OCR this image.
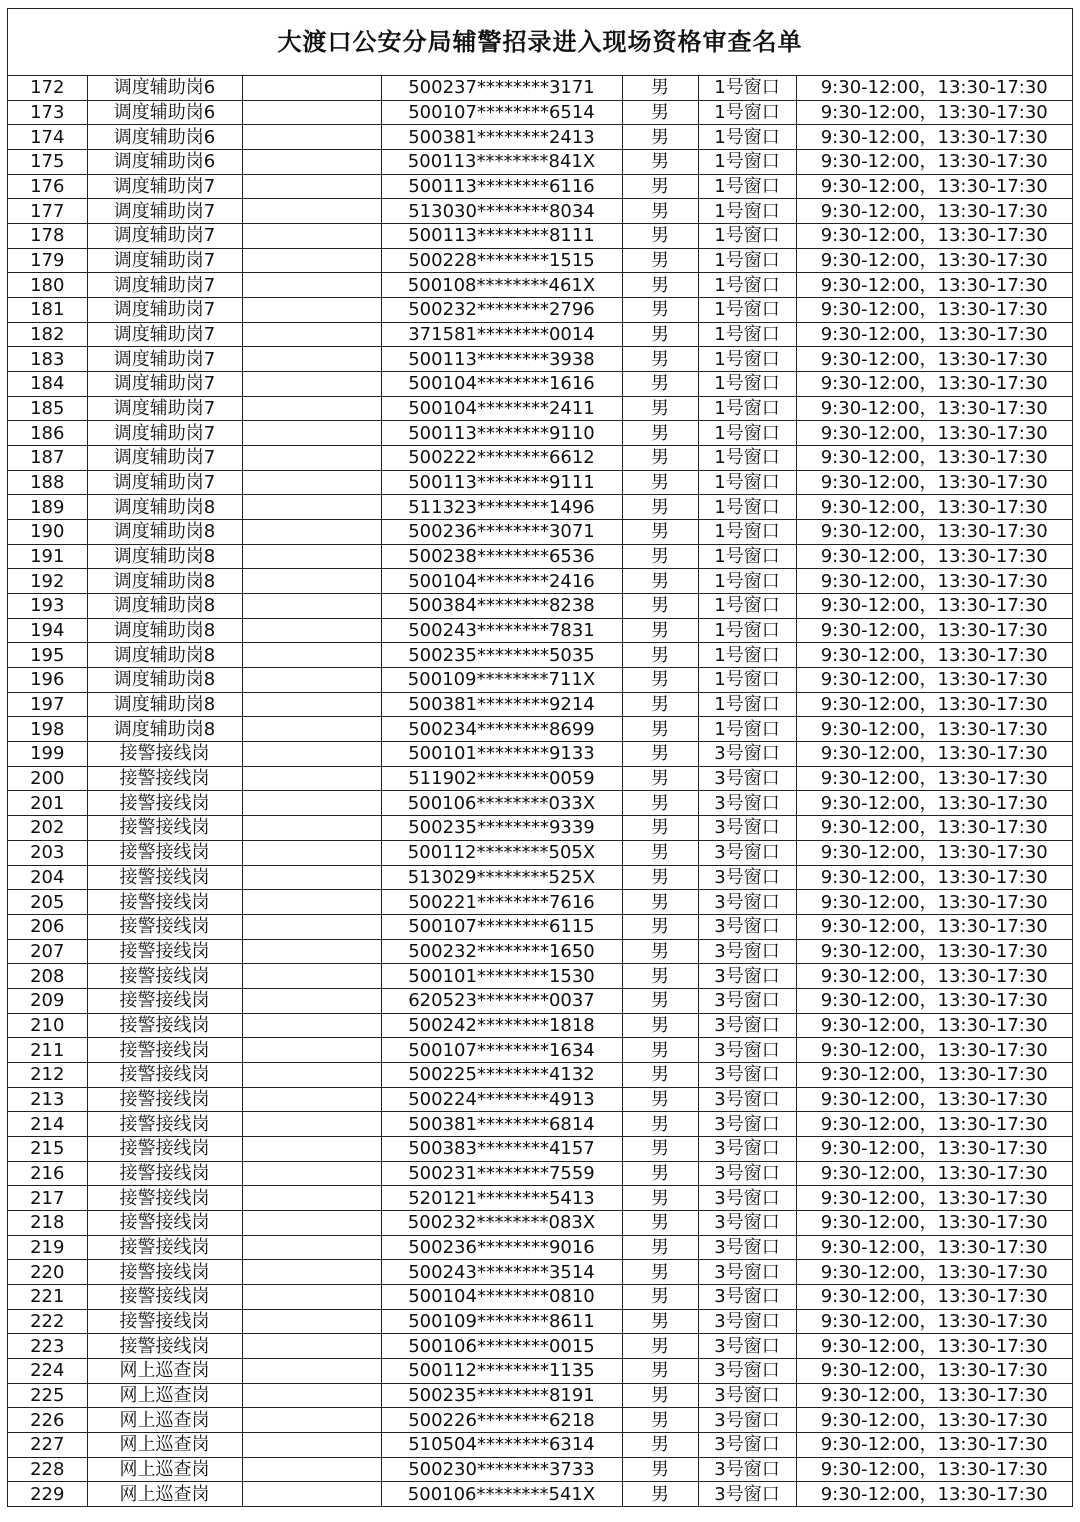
大渡口公安分局辅警招录进入现场资格审查名单
172	调度辅助岗6		500237********3171	男	1号窗口	9:30-12:00，13:30-17:30
173	调度辅助岗6		500107********6514	男	1号窗口	9:30-12:00，13:30-17:30
174	调度辅助岗6		500381********2413	男	1号窗口	9:30-12:00，13:30-17:30
175	调度辅助岗6		500113********841X	男	1号窗口	9:30-12:00，13:30-17:30
176	调度辅助岗7		500113********6116	男	1号窗口	9:30-12:00，13:30-17:30
177	调度辅助岗7		513030********8034	男	1号窗口	9:30-12:00，13:30-17:30
178	调度辅助岗7		500113********8111	男	1号窗口	9:30-12:00，13:30-17:30
179	调度辅助岗7		500228********1515	男	1号窗口	9:30-12:00，13:30-17:30
180	调度辅助岗7		500108********461X	男	1号窗口	9:30-12:00，13:30-17:30
181	调度辅助岗7		500232********2796	男	1号窗口	9:30-12:00，13:30-17:30
182	调度辅助岗7		371581********0014	男	1号窗口	9:30-12:00，13:30-17:30
183	调度辅助岗7		500113********3938	男	1号窗口	9:30-12:00，13:30-17:30
184	调度辅助岗7		500104********1616	男	1号窗口	9:30-12:00，13:30-17:30
185	调度辅助岗7		500104********2411	男	1号窗口	9:30-12:00，13:30-17:30
186	调度辅助岗7		500113********9110	男	1号窗口	9:30-12:00，13:30-17:30
187	调度辅助岗7		500222********6612	男	1号窗口	9:30-12:00，13:30-17:30
188	调度辅助岗7		500113********9111	男	1号窗口	9:30-12:00，13:30-17:30
189	调度辅助岗8		511323********1496	男	1号窗口	9:30-12:00，13:30-17:30
190	调度辅助岗8		500236********3071	男	1号窗口	9:30-12:00，13:30-17:30
191	调度辅助岗8		500238********6536	男	1号窗口	9:30-12:00，13:30-17:30
192	调度辅助岗8		500104********2416	男	1号窗口	9:30-12:00，13:30-17:30
193	调度辅助岗8		500384********8238	男	1号窗口	9:30-12:00，13:30-17:30
194	调度辅助岗8		500243********7831	男	1号窗口	9:30-12:00，13:30-17:30
195	调度辅助岗8		500235********5035	男	1号窗口	9:30-12:00，13:30-17:30
196	调度辅助岗8		500109********711X	男	1号窗口	9:30-12:00，13:30-17:30
197	调度辅助岗8		500381********9214	男	1号窗口	9:30-12:00，13:30-17:30
198	调度辅助岗8		500234********8699	男	1号窗口	9:30-12:00，13:30-17:30
199	接警接线岗		500101********9133	男	3号窗口	9:30-12:00，13:30-17:30
200	接警接线岗		511902********0059	男	3号窗口	9:30-12:00，13:30-17:30
201	接警接线岗		500106********033X	男	3号窗口	9:30-12:00，13:30-17:30
202	接警接线岗		500235********9339	男	3号窗口	9:30-12:00，13:30-17:30
203	接警接线岗		500112********505X	男	3号窗口	9:30-12:00，13:30-17:30
204	接警接线岗		513029********525X	男	3号窗口	9:30-12:00，13:30-17:30
205	接警接线岗		500221********7616	男	3号窗口	9:30-12:00，13:30-17:30
206	接警接线岗		500107********6115	男	3号窗口	9:30-12:00，13:30-17:30
207	接警接线岗		500232********1650	男	3号窗口	9:30-12:00，13:30-17:30
208	接警接线岗		500101********1530	男	3号窗口	9:30-12:00，13:30-17:30
209	接警接线岗		620523********0037	男	3号窗口	9:30-12:00，13:30-17:30
210	接警接线岗		500242********1818	男	3号窗口	9:30-12:00，13:30-17:30
211	接警接线岗		500107********1634	男	3号窗口	9:30-12:00，13:30-17:30
212	接警接线岗		500225********4132	男	3号窗口	9:30-12:00，13:30-17:30
213	接警接线岗		500224********4913	男	3号窗口	9:30-12:00，13:30-17:30
214	接警接线岗		500381********6814	男	3号窗口	9:30-12:00，13:30-17:30
215	接警接线岗		500383********4157	男	3号窗口	9:30-12:00，13:30-17:30
216	接警接线岗		500231********7559	男	3号窗口	9:30-12:00，13:30-17:30
217	接警接线岗		520121********5413	男	3号窗口	9:30-12:00，13:30-17:30
218	接警接线岗		500232********083X	男	3号窗口	9:30-12:00，13:30-17:30
219	接警接线岗		500236********9016	男	3号窗口	9:30-12:00，13:30-17:30
220	接警接线岗		500243********3514	男	3号窗口	9:30-12:00，13:30-17:30
221	接警接线岗		500104********0810	男	3号窗口	9:30-12:00，13:30-17:30
222	接警接线岗		500109********8611	男	3号窗口	9:30-12:00，13:30-17:30
223	接警接线岗		500106********0015	男	3号窗口	9:30-12:00，13:30-17:30
224	网上巡查岗		500112********1135	男	3号窗口	9:30-12:00，13:30-17:30
225	网上巡查岗		500235********8191	男	3号窗口	9:30-12:00，13:30-17:30
226	网上巡查岗		500226********6218	男	3号窗口	9:30-12:00，13:30-17:30
227	网上巡查岗		510504********6314	男	3号窗口	9:30-12:00，13:30-17:30
228	网上巡查岗		500230********3733	男	3号窗口	9:30-12:00，13:30-17:30
229	网上巡查岗		500106********541X	男	3号窗口	9:30-12:00，13:30-17:30
